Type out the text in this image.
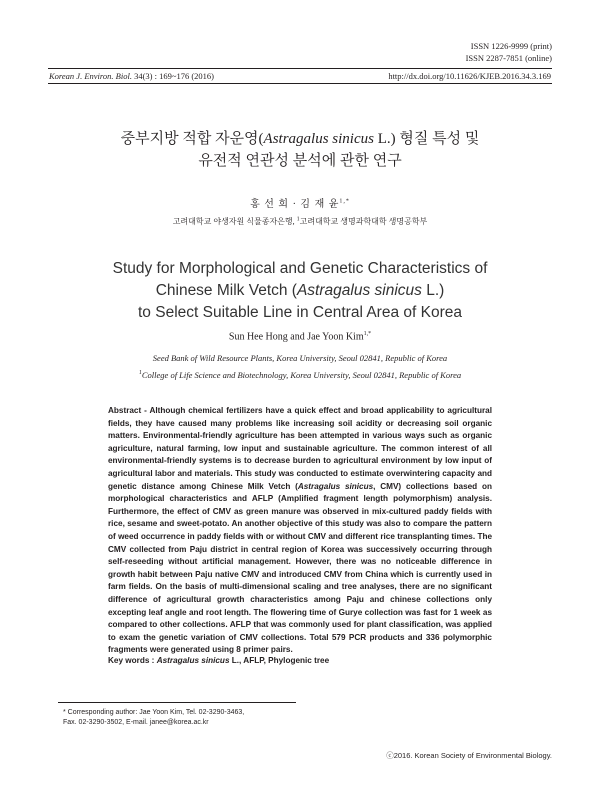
ISSN 1226-9999 (print)
ISSN 2287-7851 (online)
Korean J. Environ. Biol. 34(3) : 169~176 (2016)	http://dx.doi.org/10.11626/KJEB.2016.34.3.169
중부지방 적합 자운영(Astragalus sinicus L.) 형질 특성 및
유전적 연관성 분석에 관한 연구
홍 선 희 · 김 재 윤$^{1,*}$
고려대학교 야생자원 식물종자은행, $^1$고려대학교 생명과학대학 생명공학부
Study for Morphological and Genetic Characteristics of
Chinese Milk Vetch (Astragalus sinicus L.)
to Select Suitable Line in Central Area of Korea
Sun Hee Hong and Jae Yoon Kim$^{1,*}$
Seed Bank of Wild Resource Plants, Korea University, Seoul 02841, Republic of Korea
$^1$College of Life Science and Biotechnology, Korea University, Seoul 02841, Republic of Korea
Abstract - Although chemical fertilizers have a quick effect and broad applicability to agricultural fields, they have caused many problems like increasing soil acidity or decreasing soil organic matters. Environmental-friendly agriculture has been attempted in various ways such as organic agriculture, natural farming, low input and sustainable agriculture. The common interest of all environmental-friendly systems is to decrease burden to agricultural environment by low input of agricultural labor and materials. This study was conducted to estimate overwintering capacity and genetic distance among Chinese Milk Vetch (Astragalus sinicus, CMV) collections based on morphological characteristics and AFLP (Amplified fragment length polymorphism) analysis. Furthermore, the effect of CMV as green manure was observed in mix-cultured paddy fields with rice, sesame and sweet-potato. An another objective of this study was also to compare the pattern of weed occurrence in paddy fields with or without CMV and different rice transplanting times. The CMV collected from Paju district in central region of Korea was successively occurring through self-reseeding without artificial management. However, there was no noticeable difference in growth habit between Paju native CMV and introduced CMV from China which is currently used in farm fields. On the basis of multi-dimensional scaling and tree analyses, there are no significant difference of agricultural growth characteristics among Paju and chinese collections only excepting leaf angle and root length. The flowering time of Gurye collection was fast for 1 week as compared to other collections. AFLP that was commonly used for plant classification, was applied to exam the genetic variation of CMV collections. Total 579 PCR products and 336 polymorphic fragments were generated using 8 primer pairs.
Key words : Astragalus sinicus L., AFLP, Phylogenic tree
* Corresponding author: Jae Yoon Kim, Tel. 02-3290-3463,
Fax. 02-3290-3502, E-mail. janee@korea.ac.kr
ⓒ2016. Korean Society of Environmental Biology.
